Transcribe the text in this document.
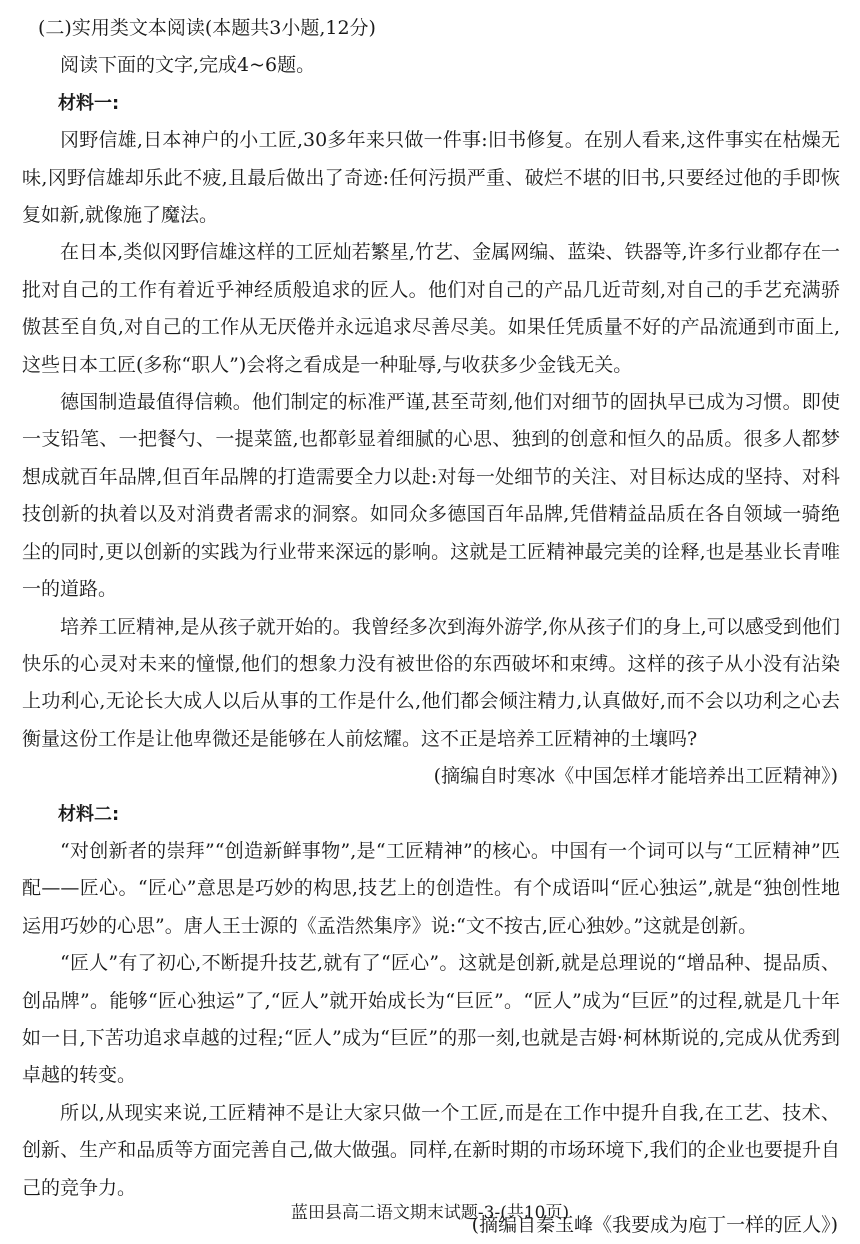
(二)实用类文本阅读(本题共3小题,12分)

阅读下面的文字,完成4~6题。

材料一:

冈野信雄,日本神户的小工匠,30多年来只做一件事:旧书修复。在别人看来,这件事实在枯燥无味,冈野信雄却乐此不疲,且最后做出了奇迹:任何污损严重、破烂不堪的旧书,只要经过他的手即恢复如新,就像施了魔法。

在日本,类似冈野信雄这样的工匠灿若繁星,竹艺、金属网编、蓝染、铁器等,许多行业都存在一批对自己的工作有着近乎神经质般追求的匠人。他们对自己的产品几近苛刻,对自己的手艺充满骄傲甚至自负,对自己的工作从无厌倦并永远追求尽善尽美。如果任凭质量不好的产品流通到市面上,这些日本工匠(多称“职人”)会将之看成是一种耻辱,与收获多少金钱无关。

德国制造最值得信赖。他们制定的标准严谨,甚至苛刻,他们对细节的固执早已成为习惯。即使一支铅笔、一把餐勺、一提菜篮,也都彰显着细腻的心思、独到的创意和恒久的品质。很多人都梦想成就百年品牌,但百年品牌的打造需要全力以赴:对每一处细节的关注、对目标达成的坚持、对科技创新的执着以及对消费者需求的洞察。如同众多德国百年品牌,凭借精益品质在各自领域一骑绝尘的同时,更以创新的实践为行业带来深远的影响。这就是工匠精神最完美的诠释,也是基业长青唯一的道路。

培养工匠精神,是从孩子就开始的。我曾经多次到海外游学,你从孩子们的身上,可以感受到他们快乐的心灵对未来的憧憬,他们的想象力没有被世俗的东西破坏和束缚。这样的孩子从小没有沾染上功利心,无论长大成人以后从事的工作是什么,他们都会倾注精力,认真做好,而不会以功利之心去衡量这份工作是让他卑微还是能够在人前炫耀。这不正是培养工匠精神的土壤吗?

(摘编自时寒冰《中国怎样才能培养出工匠精神》)

材料二:

“对创新者的崇拜”“创造新鲜事物”,是“工匠精神”的核心。中国有一个词可以与“工匠精神”匹配——匠心。“匠心”意思是巧妙的构思,技艺上的创造性。有个成语叫“匠心独运”,就是“独创性地运用巧妙的心思”。唐人王士源的《孟浩然集序》说:“文不按古,匠心独妙。”这就是创新。

“匠人”有了初心,不断提升技艺,就有了“匠心”。这就是创新,就是总理说的“增品种、提品质、创品牌”。能够“匠心独运”了,“匠人”就开始成长为“巨匠”。“匠人”成为“巨匠”的过程,就是几十年如一日,下苦功追求卓越的过程;“匠人”成为“巨匠”的那一刻,也就是吉姆·柯林斯说的,完成从优秀到卓越的转变。

所以,从现实来说,工匠精神不是让大家只做一个工匠,而是在工作中提升自我,在工艺、技术、创新、生产和品质等方面完善自己,做大做强。同样,在新时期的市场环境下,我们的企业也要提升自己的竞争力。

(摘编自秦玉峰《我要成为庖丁一样的匠人》)

蓝田县高二语文期末试题-3-(共10页)
